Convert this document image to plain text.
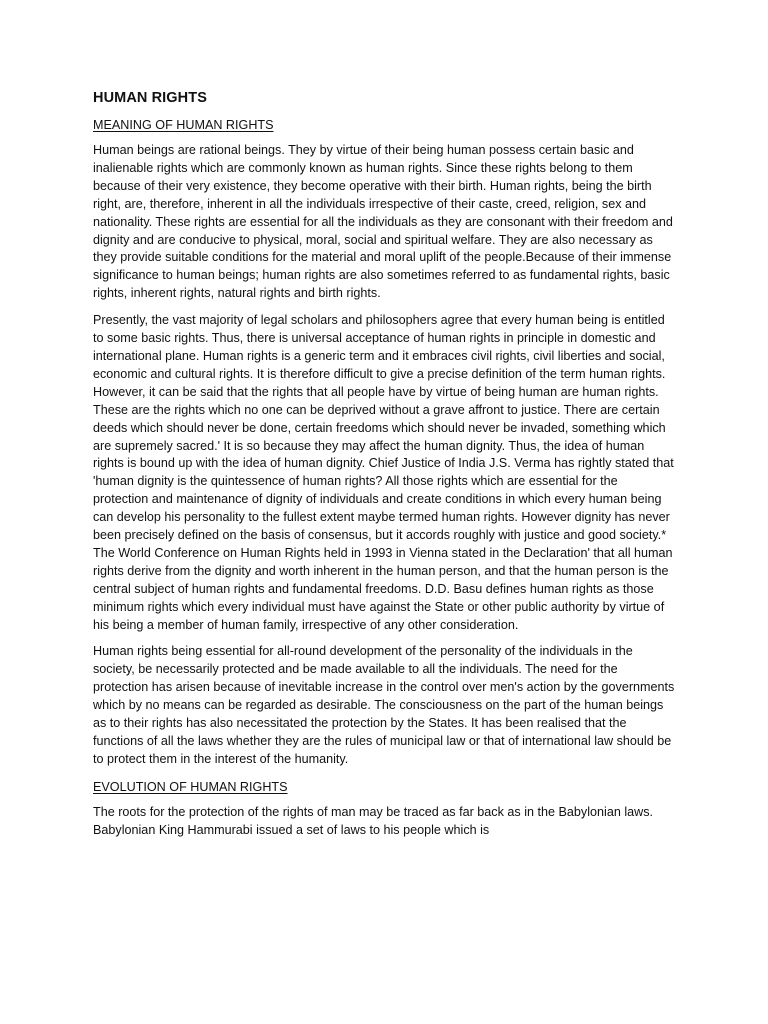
HUMAN RIGHTS
MEANING OF HUMAN RIGHTS

Human beings are rational beings. They by virtue of their being human possess certain basic and inalienable rights which are commonly known as human rights. Since these rights belong to them because of their very existence, they become operative with their birth. Human rights, being the birth right, are, therefore, inherent in all the individuals irrespective of their caste, creed, religion, sex and nationality. These rights are essential for all the individuals as they are consonant with their freedom and dignity and are conducive to physical, moral, social and spiritual welfare. They are also necessary as they provide suitable conditions for the material and moral uplift of the people.Because of their immense significance to human beings; human rights are also sometimes referred to as fundamental rights, basic rights, inherent rights, natural rights and birth rights.

Presently, the vast majority of legal scholars and philosophers agree that every human being is entitled to some basic rights. Thus, there is universal acceptance of human rights in principle in domestic and international plane. Human rights is a generic term and it embraces civil rights, civil liberties and social, economic and cultural rights. It is therefore difficult to give a precise definition of the term human rights. However, it can be said that the rights that all people have by virtue of being human are human rights.

These are the rights which no one can be deprived without a grave affront to justice. There are certain deeds which should never be done, certain freedoms which should never be invaded, something which are supremely sacred.' It is so because they may affect the human dignity. Thus, the idea of human rights is bound up with the idea of human dignity. Chief Justice of India J.S. Verma has rightly stated that 'human dignity is the quintessence of human rights? All those rights which are essential for the protection and maintenance of dignity of individuals and create conditions in which every human being can develop his personality to the fullest extent maybe termed human rights. However dignity has never been precisely defined on the basis of consensus, but it accords roughly with justice and good society.* The World Conference on Human Rights held in 1993 in Vienna stated in the Declaration' that all human rights derive from the dignity and worth inherent in the human person, and that the human person is the central subject of human rights and fundamental freedoms. D.D. Basu defines human rights as those minimum rights which every individual must have against the State or other public authority by virtue of his being a member of human family, irrespective of any other consideration.

Human rights being essential for all-round development of the personality of the individuals in the society, be necessarily protected and be made available to all the individuals. The need for the protection has arisen because of inevitable increase in the control over men's action by the governments which by no means can be regarded as desirable. The consciousness on the part of the human beings as to their rights has also necessitated the protection by the States. It has been realised that the functions of all the laws whether they are the rules of municipal law or that of international law should be to protect them in the interest of the humanity.

EVOLUTION OF HUMAN RIGHTS

The roots for the protection of the rights of man may be traced as far back as in the Babylonian laws. Babylonian King Hammurabi issued a set of laws to his people which is
